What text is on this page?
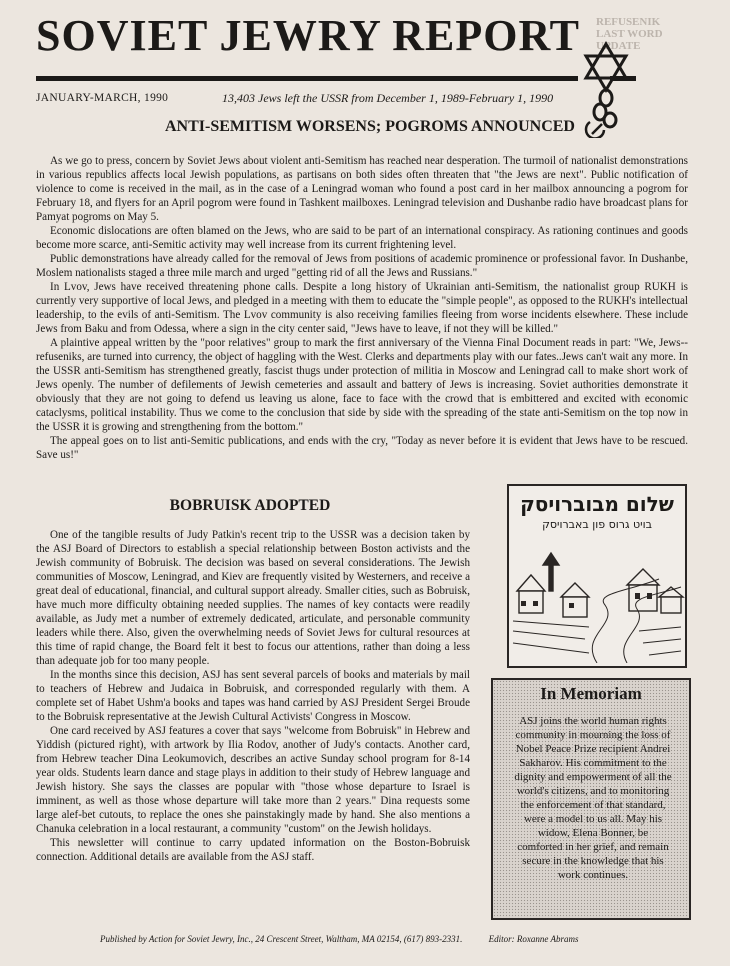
REFUSENIK
LAST WORD UPDATE
SOVIET JEWRY REPORT
JANUARY-MARCH, 1990	13,403 Jews left the USSR from December 1, 1989-February 1, 1990
ANTI-SEMITISM WORSENS; POGROMS ANNOUNCED

As we go to press, concern by Soviet Jews about violent anti-Semitism has reached near desperation. The turmoil of nationalist demonstrations in various republics affects local Jewish populations, as partisans on both sides often threaten that "the Jews are next". Public notification of violence to come is received in the mail, as in the case of a Leningrad woman who found a post card in her mailbox announcing a pogrom for February 18, and flyers for an April pogrom were found in Tashkent mailboxes. Leningrad television and Dushanbe radio have broadcast plans for Pamyat pogroms on May 5.

Economic dislocations are often blamed on the Jews, who are said to be part of an international conspiracy. As rationing continues and goods become more scarce, anti-Semitic activity may well increase from its current frightening level.

Public demonstrations have already called for the removal of Jews from positions of academic prominence or professional favor. In Dushanbe, Moslem nationalists staged a three mile march and urged "getting rid of all the Jews and Russians."

In Lvov, Jews have received threatening phone calls. Despite a long history of Ukrainian anti-Semitism, the nationalist group RUKH is currently very supportive of local Jews, and pledged in a meeting with them to educate the "simple people", as opposed to the RUKH's intellectual leadership, to the evils of anti-Semitism. The Lvov community is also receiving families fleeing from worse incidents elsewhere. These include Jews from Baku and from Odessa, where a sign in the city center said, "Jews have to leave, if not they will be killed."

A plaintive appeal written by the "poor relatives" group to mark the first anniversary of the Vienna Final Document reads in part: "We, Jews--refuseniks, are turned into currency, the object of haggling with the West. Clerks and departments play with our fates..Jews can't wait any more. In the USSR anti-Semitism has strengthened greatly, fascist thugs under protection of militia in Moscow and Leningrad call to make short work of Jews openly. The number of defilements of Jewish cemeteries and assault and battery of Jews is increasing. Soviet authorities demonstrate it obviously that they are not going to defend us leaving us alone, face to face with the crowd that is embittered and excited with economic cataclysms, political instability. Thus we come to the conclusion that side by side with the spreading of the state anti-Semitism on the top now in the USSR it is growing and strengthening from the bottom."

The appeal goes on to list anti-Semitic publications, and ends with the cry, "Today as never before it is evident that Jews have to be rescued. Save us!"

BOBRUISK ADOPTED

One of the tangible results of Judy Patkin's recent trip to the USSR was a decision taken by the ASJ Board of Directors to establish a special relationship between Boston activists and the Jewish community of Bobruisk. The decision was based on several considerations. The Jewish communities of Moscow, Leningrad, and Kiev are frequently visited by Westerners, and receive a great deal of educational, financial, and cultural support already. Smaller cities, such as Bobruisk, have much more difficulty obtaining needed supplies. The names of key contacts were readily available, as Judy met a number of extremely dedicated, articulate, and personable community leaders while there. Also, given the overwhelming needs of Soviet Jews for cultural resources at this time of rapid change, the Board felt it best to focus our attentions, rather than doing a less than adequate job for too many people.

In the months since this decision, ASJ has sent several parcels of books and materials by mail to teachers of Hebrew and Judaica in Bobruisk, and corresponded regularly with them. A complete set of Habet Ushm'a books and tapes was hand carried by ASJ President Sergei Broude to the Bobruisk representative at the Jewish Cultural Activists' Congress in Moscow.

One card received by ASJ features a cover that says "welcome from Bobruisk" in Hebrew and Yiddish (pictured right), with artwork by Ilia Rodov, another of Judy's contacts. Another card, from Hebrew teacher Dina Leokumovich, describes an active Sunday school program for 8-14 year olds. Students learn dance and stage plays in addition to their study of Hebrew language and Jewish history. She says the classes are popular with "those whose departure to Israel is imminent, as well as those whose departure will take more than 2 years." Dina requests some large alef-bet cutouts, to replace the ones she painstakingly made by hand. She also mentions a Chanuka celebration in a local restaurant, a community "custom" on the Jewish holidays.

This newsletter will continue to carry updated information on the Boston-Bobruisk connection. Additional details are available from the ASJ staff.

שלום מבוברויסק
בויט גרוס פון באברויסק
In Memoriam
ASJ joins the world human rights community in mourning the loss of Nobel Peace Prize recipient Andrei Sakharov. His commitment to the dignity and empowerment of all the world's citizens, and to monitoring the enforcement of that standard, were a model to us all. May his widow, Elena Bonner, be comforted in her grief, and remain secure in the knowledge that his work continues.
Published by Action for Soviet Jewry, Inc., 24 Crescent Street, Waltham, MA 02154, (617) 893-2331.	Editor: Roxanne Abrams
